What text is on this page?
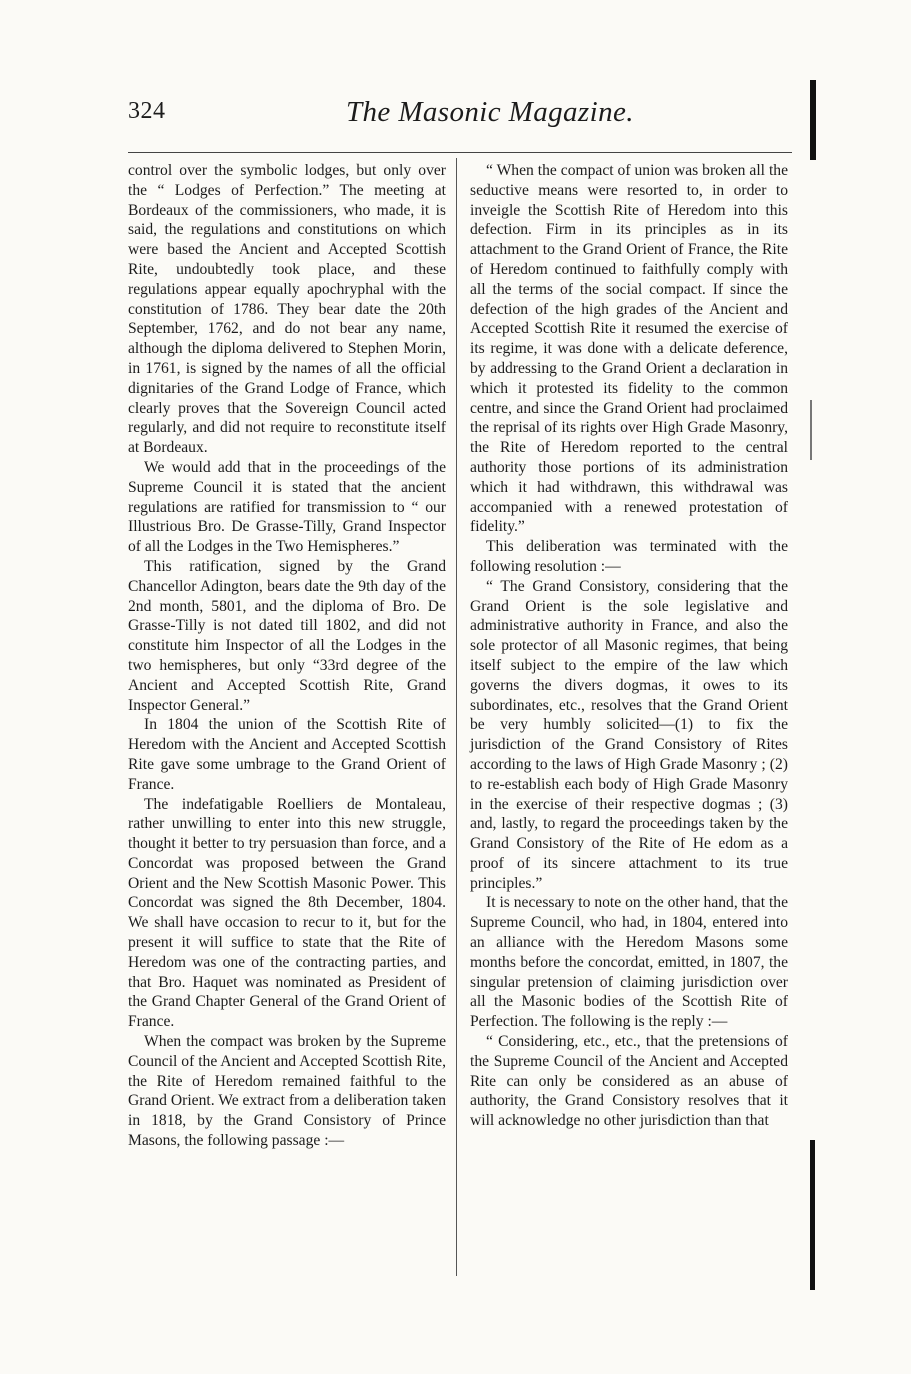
324	The Masonic Magazine.

control over the symbolic lodges, but only over the “ Lodges of Perfection.” The meeting at Bordeaux of the commissioners, who made, it is said, the regulations and constitutions on which were based the Ancient and Accepted Scottish Rite, undoubtedly took place, and these regulations appear equally apochryphal with the constitution of 1786. They bear date the 20th September, 1762, and do not bear any name, although the diploma delivered to Stephen Morin, in 1761, is signed by the names of all the official dignitaries of the Grand Lodge of France, which clearly proves that the Sovereign Council acted regularly, and did not require to reconstitute itself at Bordeaux.

We would add that in the proceedings of the Supreme Council it is stated that the ancient regulations are ratified for transmission to “ our Illustrious Bro. De Grasse-Tilly, Grand Inspector of all the Lodges in the Two Hemispheres.”

This ratification, signed by the Grand Chancellor Adington, bears date the 9th day of the 2nd month, 5801, and the diploma of Bro. De Grasse-Tilly is not dated till 1802, and did not constitute him Inspector of all the Lodges in the two hemispheres, but only “33rd degree of the Ancient and Accepted Scottish Rite, Grand Inspector General.”

In 1804 the union of the Scottish Rite of Heredom with the Ancient and Accepted Scottish Rite gave some umbrage to the Grand Orient of France.

The indefatigable Roelliers de Montaleau, rather unwilling to enter into this new struggle, thought it better to try persuasion than force, and a Concordat was proposed between the Grand Orient and the New Scottish Masonic Power. This Concordat was signed the 8th December, 1804. We shall have occasion to recur to it, but for the present it will suffice to state that the Rite of Heredom was one of the contracting parties, and that Bro. Haquet was nominated as President of the Grand Chapter General of the Grand Orient of France.

When the compact was broken by the Supreme Council of the Ancient and Accepted Scottish Rite, the Rite of Heredom remained faithful to the Grand Orient. We extract from a deliberation taken in 1818, by the Grand Consistory of Prince Masons, the following passage :—

“ When the compact of union was broken all the seductive means were resorted to, in order to inveigle the Scottish Rite of Heredom into this defection. Firm in its principles as in its attachment to the Grand Orient of France, the Rite of Heredom continued to faithfully comply with all the terms of the social compact. If since the defection of the high grades of the Ancient and Accepted Scottish Rite it resumed the exercise of its regime, it was done with a delicate deference, by addressing to the Grand Orient a declaration in which it protested its fidelity to the common centre, and since the Grand Orient had proclaimed the reprisal of its rights over High Grade Masonry, the Rite of Heredom reported to the central authority those portions of its administration which it had withdrawn, this withdrawal was accompanied with a renewed protestation of fidelity.”

This deliberation was terminated with the following resolution :—

“ The Grand Consistory, considering that the Grand Orient is the sole legislative and administrative authority in France, and also the sole protector of all Masonic regimes, that being itself subject to the empire of the law which governs the divers dogmas, it owes to its subordinates, etc., resolves that the Grand Orient be very humbly solicited—(1) to fix the jurisdiction of the Grand Consistory of Rites according to the laws of High Grade Masonry ; (2) to re-establish each body of High Grade Masonry in the exercise of their respective dogmas ; (3) and, lastly, to regard the proceedings taken by the Grand Consistory of the Rite of He edom as a proof of its sincere attachment to its true principles.”

It is necessary to note on the other hand, that the Supreme Council, who had, in 1804, entered into an alliance with the Heredom Masons some months before the concordat, emitted, in 1807, the singular pretension of claiming jurisdiction over all the Masonic bodies of the Scottish Rite of Perfection. The following is the reply :—

“ Considering, etc., etc., that the pretensions of the Supreme Council of the Ancient and Accepted Rite can only be considered as an abuse of authority, the Grand Consistory resolves that it will acknowledge no other jurisdiction than that
